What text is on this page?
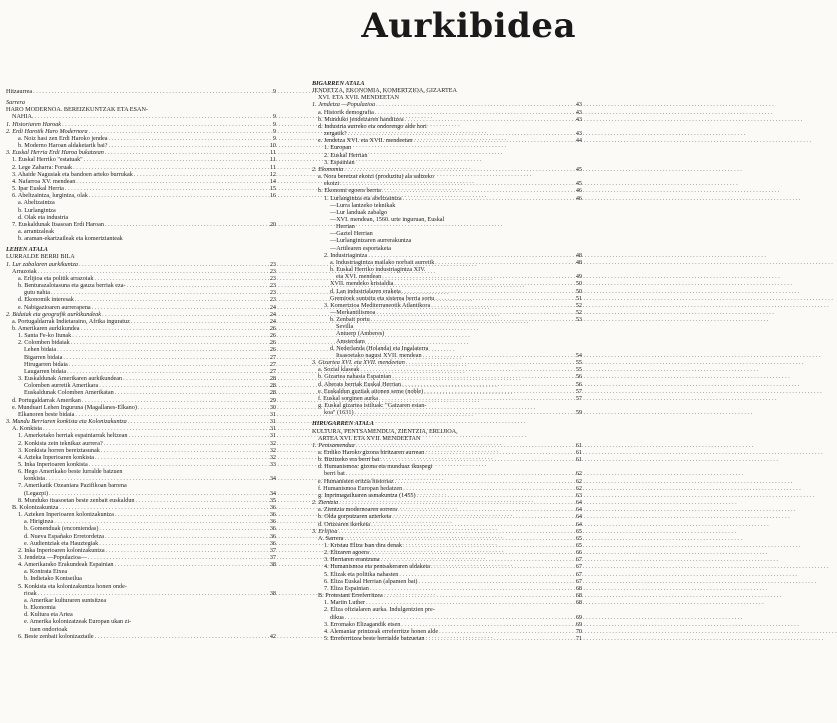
Aurkibidea
Hitzaurrea . . .	9
Sarrera
HARO MODERNOA. BEREIZKUNTZAK ETA ESAN-
NAHIA. . . .	9
1. Historiaren Haroak . . .	9
2. Erdi Harotik Haro Modernora . . .	9
a. Noiz hasi zen Erdi Haroko jendea . . .	9
b. Moderno Haroan aldaketarik bai? . . .	10
3. Euskal Herria Erdi Haroa bukatzean . . .	11
1. Euskal Herriko "estatuak" . . .	11
2. Lege Zaharra: Foruak . . .	11
3. Ahaide Nagusiak eta bandoen arteko burrukak . . .	12
4. Nafarroa XV. mendean . . .	14
5. Ipar Euskal Herria . . .	15
6. Abeltzaintza, lurgintza, olak . . .	16
a. Abeltzaintza
b. Lurlangintza
d. Olak eta industria
7. Euskaldunak Itsasoan Erdi Haroan . . .	20
a. arrantzaleak
b. araman-ekartzaileak eta komertzianteak
LEHEN ATALA
LURRALDE BERRI BILA
1. Lur zabalaren aurkikuntza . . .	23
Arrazoiak . . .	23
a. Erlijioa eta politik arrazoiak . . .	23
b. Benturazalotasuna eta gauza berriak eza- . . .	23
gutu nahia . . .	23
d. Ekonomik interesak . . .	23
e. Nabigazioaren aurrerapena . . .	24
2. Bidaiak eta geografik aurkikundeak . . .	24
a. Portugaldarrak Indietaraino, Afrika inguratuz . . .	24
b. Amerikaren aurkikundea . . .	26
1. Santa Fe-ko Itunak . . .	26
2. Colomben bidaiak . . .	26
Lehen bidaia . . .	26
Bigarren bidaia . . .	27
Hirugarren bidaia . . .	27
Laugarren bidaia . . .	27
3. Euskaldunak Amerikaren aurkikundean . . .	28
Colomben aurretik Amerikara . . .	28
Euskaldunak Colomben Amerikatan . . .	28
d. Portugaldarrak Amerikan . . .	29
e. Munduari Lehen Inguruna (Magallanes-Elkano) . . .	30
Elkanoren beste bidaia . . .	31
3. Mundu Berriaren konkista eta Kolonizakuntza . . .	31
A. Konkista . . .	31
1. Amerketako herriak espainiarrak heltzean . . .	31
2. Konkista zein teknikaz aurrera? . . .	32
3. Konkista horren bereiztasunak . . .	32
4. Azteka Inperioaren konkista . . .	32
5. Inka Inperioaren konkista . . .	33
6. Hego Amerikako beste lurralde batzuen
konkista . . .	34
7. Amerikatik Ozeaniara Pazifikoan barrena
(Legazpi) . . .	34
8. Munduko itsasoetan beste zenbait euskaldun . . .	35
B. Kolonizakuntza . . .	36
1. Azteken Inperioaren kolonizakuntza . . .	36
a. Hiriginza . . .	36
b. Gomenduak (encomiendas) . . .	36
d. Nueva Españako Erretordetza . . .	36
e. Audientziak eta Hauztegiak . . .	36
2. Inka Inperioaren kolonizakuntza . . .	37
3. Jendetza —Populazioa— . . .	37
4. Amerikarako Erakundeak Espainian . . .	38
a. Kontrata Etxea
b. Indietako Kontseilua
5. Konkista eta kolonizakuntza honen onde-
rioak . . .	38
a. Amerikar kulturaren suntsitzea
b. Ekonomia
d. Kultura eta Artea
e. Amerika kolonizatzeak Europan ukan zi-
tuen ondorioak
6. Beste zenbait kolonizaztaile . . .	42
BIGARREN ATALA
JENDETZA, EKONOMIA, KOMERTZIOA, GIZARTEA
XVI. ETA XVII. MENDEETAN
1. Jendetza —Populazioa . . .	43
a. Historik demografia . . .	43
b. Munduko jendetzaren handitzea . . .	43
d. Industria aurreko eta ondorengo alde hori
zergatik? . . .	43
e. Jendetza XVI. eta XVII. mendeetan . . .	44
1. Europan
2. Euskal Herrian
3. Espainian
2. Ekonomia . . .	45
a. Nora beretzat ekoizi (produzitu) ala saltzeko
ekoizi . . .	45
b. Ekonomi egoera berria . . .	46
1. Lurlangintza eta abeltzaintza . . .	46
—Lurra lantzeko teknikak
—Lur landuak zabalgo
—XVI. mendean, 1560. urte inguruan, Euskal
Herrian
—Gaztel Herrian
—Lurlangintzaren aurrerakuntza
—Artilearen esportaketa
2. Industriagintza . . .	48
a. Industriagintza mailako norbait aurretik . . .	48
b. Euskal Herriko industriagintza XIV.
eta XVI. mendean . . .	49
XVII. mendeko krisialdia . . .	50
d. Lan industrialaren eraketa . . .	50
Gremioek suntsitu eta sistema berria sortu . . .	51
3. Komertzioa Mediterraneotik Atlantikora . . .	52
—Merkantilismoa . . .	52
b. Zenbait portu . . .	53
Sevilla
Antuerp (Amberes)
Amsterdam
d. Nederlanda (Holanda) eta Ingalaterra
Itsasoetako nagusi XVII. mendean . . .	54
3. Gizartea XVI. eta XVII. mendeetan . . .	55
a. Sozial klaseak . . .	55
b. Gizartea nahasia Espainian . . .	56
d. Aberats berriak Euskal Herrian . . .	56
e. Euskaldun guztiak aitonen seme (noble) . . .	57
f. Euskal sorginen aurka . . .	57
g. Euskal gizartea istiluak: "Gatzaren estan-
koa" (1631) . . .	59
HIRUGARREN ATALA
KULTURA, PENTSAMENDUA, ZIENTZIA, ERLIJIOA,
ARTEA XVI. ETA XVII. MENDEETAN
1. Pentsamendua . . .	61
a. Erdiko Haroko gizona hiritzaren aurrean . . .	61
b. Bizitzeko era berri bat . . .	61
d. Humanismoa: gizona eta munduaz ikuspegi
berri bat . . .	62
e. Humanisten eritzia historiaz . . .	62
f. Humanismoa Europan hedatzen . . .	62
g. Inprimagailuaren asmakuntza (1455) . . .	63
2. Zientzia . . .	64
a. Zientzia modernoaren sorrera . . .	64
b. Olda gorputzaren azterketa . . .	64
d. Ortzearen ikerketa . . .	64
3. Erlijioa . . .	65
A. Sarrera . . .	65
1. Kristau Eliza Isan dira denak . . .	65
2. Elizaren agoera . . .	66
3. Herriaren erantzuna . . .	67
4. Humanismoa eta pentsakeraren aldaketa . . .	67
5. Elizak eta politika nahasten . . .	67
6. Eliza Euskal Herrian (alpamen bat) . . .	67
7. Eliza Espainian . . .	68
B. Protestant Erreferritzea . . .	68
1. Martin Luther . . .	68
2. Eliza ofizialaren aurka. Indulgentzien pre-
dikua . . .	69
3. Erromako Elizagandik etsen . . .	69
4. Alemaniar printzeak erreferritze honen alde . . .	70
5. Erreferritzea beste herrialde batzuetan . . .	71
